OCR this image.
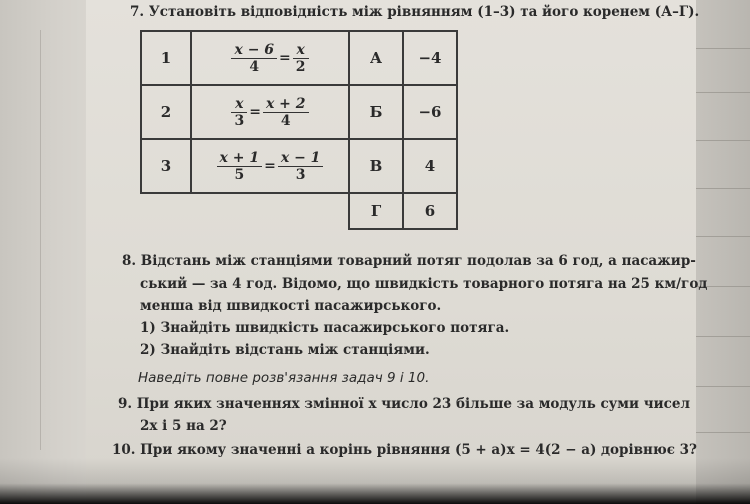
7. Установіть відповідність між рівнянням (1–3) та його коренем (А–Г).
1	$\frac{x - 6}{4} = \frac{x}{2}$	А	−4
2	$\frac{x}{3} = \frac{x + 2}{4}$	Б	−6
3	$\frac{x + 1}{5} = \frac{x - 1}{3}$	В	4
		Г	6
8. Відстань між станціями товарний потяг подолав за 6 год, а пасажир-
ський — за 4 год. Відомо, що швидкість товарного потяга на 25 км/год
менша від швидкості пасажирського.
1) Знайдіть швидкість пасажирського потяга.
2) Знайдіть відстань між станціями.
Наведіть повне розв'язання задач 9 і 10.
9. При яких значеннях змінної x число 23 більше за модуль суми чисел
2x і 5 на 2?
10. При якому значенні a корінь рівняння (5 + a)x = 4(2 − a) дорівнює 3?
